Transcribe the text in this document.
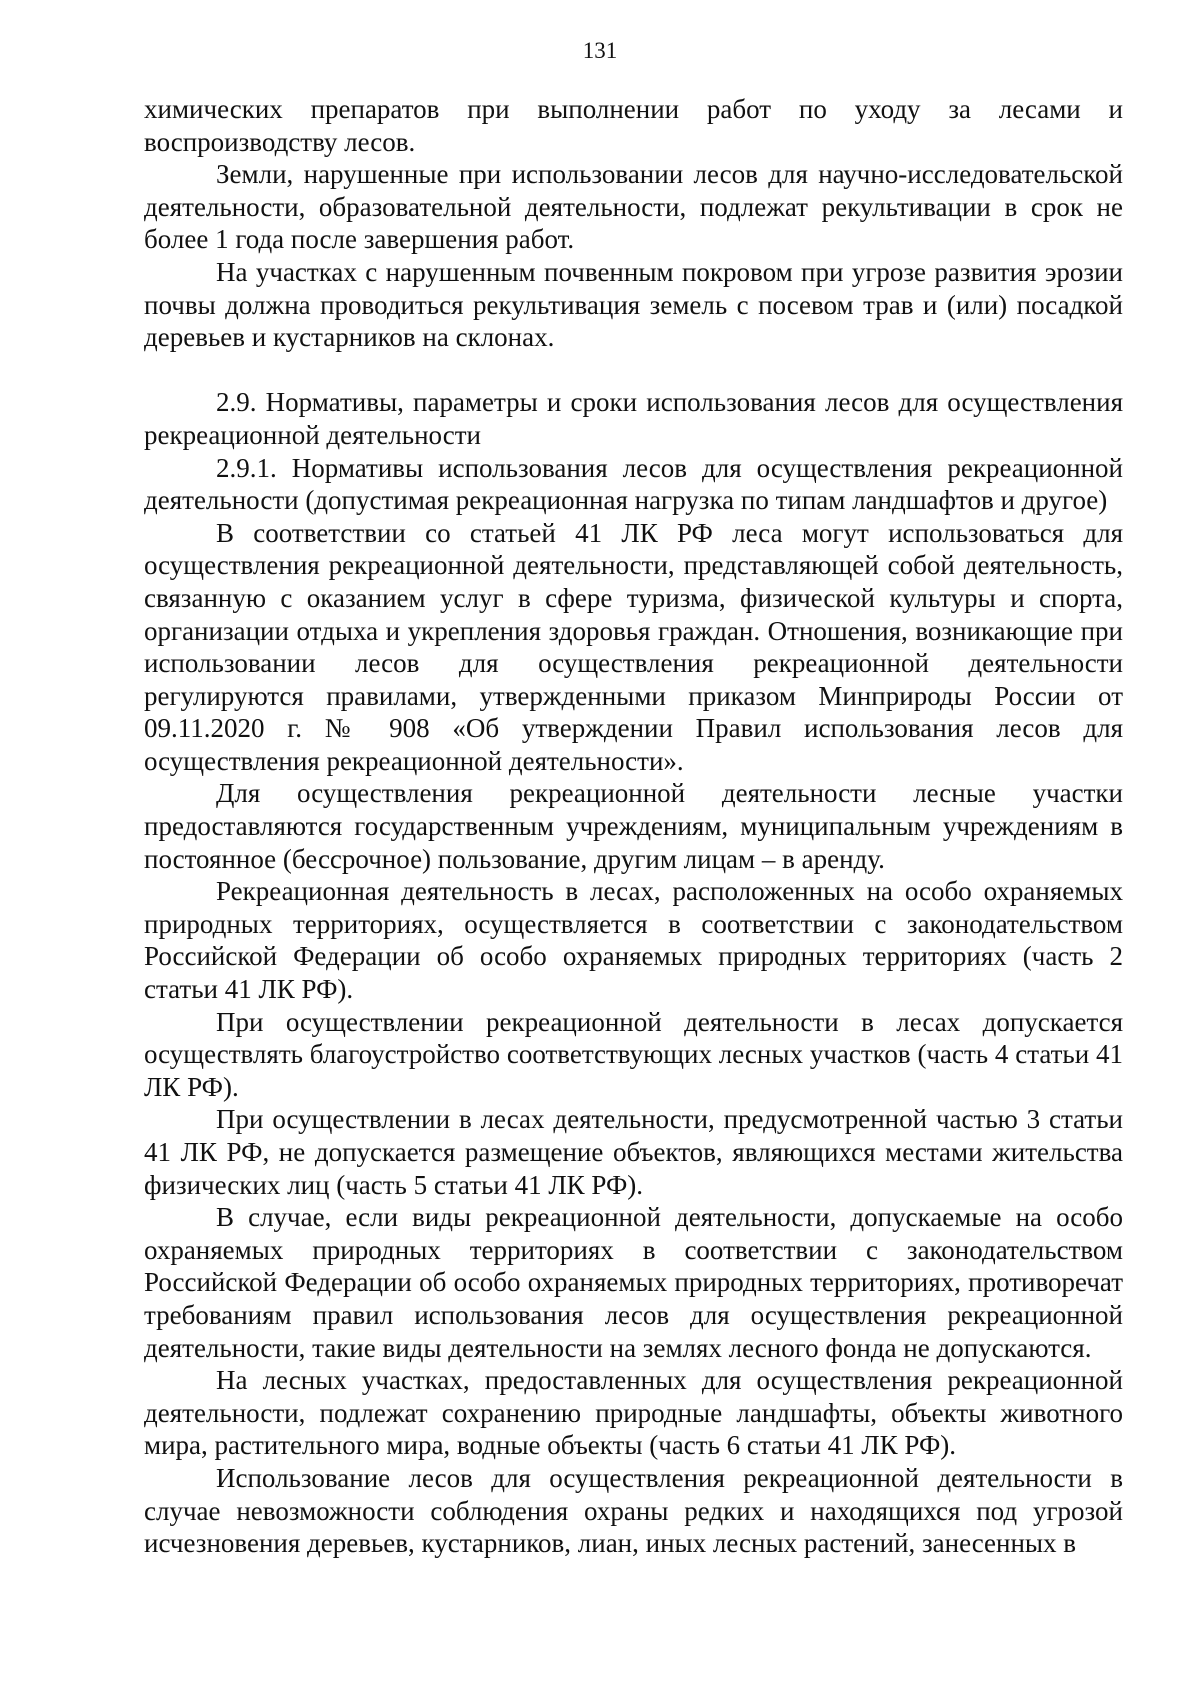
131

химических препаратов при выполнении работ по уходу за лесами и воспроизводству лесов.

Земли, нарушенные при использовании лесов для научно-исследовательской деятельности, образовательной деятельности, подлежат рекультивации в срок не более 1 года после завершения работ.

На участках с нарушенным почвенным покровом при угрозе развития эрозии почвы должна проводиться рекультивация земель с посевом трав и (или) посадкой деревьев и кустарников на склонах.

2.9. Нормативы, параметры и сроки использования лесов для осуществления рекреационной деятельности

2.9.1. Нормативы использования лесов для осуществления рекреационной деятельности (допустимая рекреационная нагрузка по типам ландшафтов и другое)

В соответствии со статьей 41 ЛК РФ леса могут использоваться для осуществления рекреационной деятельности, представляющей собой деятельность, связанную с оказанием услуг в сфере туризма, физической культуры и спорта, организации отдыха и укрепления здоровья граждан. Отношения, возникающие при использовании лесов для осуществления рекреационной деятельности регулируются правилами, утвержденными приказом Минприроды России от 09.11.2020 г. № 908 «Об утверждении Правил использования лесов для осуществления рекреационной деятельности».

Для осуществления рекреационной деятельности лесные участки предоставляются государственным учреждениям, муниципальным учреждениям в постоянное (бессрочное) пользование, другим лицам – в аренду.

Рекреационная деятельность в лесах, расположенных на особо охраняемых природных территориях, осуществляется в соответствии с законодательством Российской Федерации об особо охраняемых природных территориях (часть 2 статьи 41 ЛК РФ).

При осуществлении рекреационной деятельности в лесах допускается осуществлять благоустройство соответствующих лесных участков (часть 4 статьи 41 ЛК РФ).

При осуществлении в лесах деятельности, предусмотренной частью 3 статьи 41 ЛК РФ, не допускается размещение объектов, являющихся местами жительства физических лиц (часть 5 статьи 41 ЛК РФ).

В случае, если виды рекреационной деятельности, допускаемые на особо охраняемых природных территориях в соответствии с законодательством Российской Федерации об особо охраняемых природных территориях, противоречат требованиям правил использования лесов для осуществления рекреационной деятельности, такие виды деятельности на землях лесного фонда не допускаются.

На лесных участках, предоставленных для осуществления рекреационной деятельности, подлежат сохранению природные ландшафты, объекты животного мира, растительного мира, водные объекты (часть 6 статьи 41 ЛК РФ).

Использование лесов для осуществления рекреационной деятельности в случае невозможности соблюдения охраны редких и находящихся под угрозой исчезновения деревьев, кустарников, лиан, иных лесных растений, занесенных в
